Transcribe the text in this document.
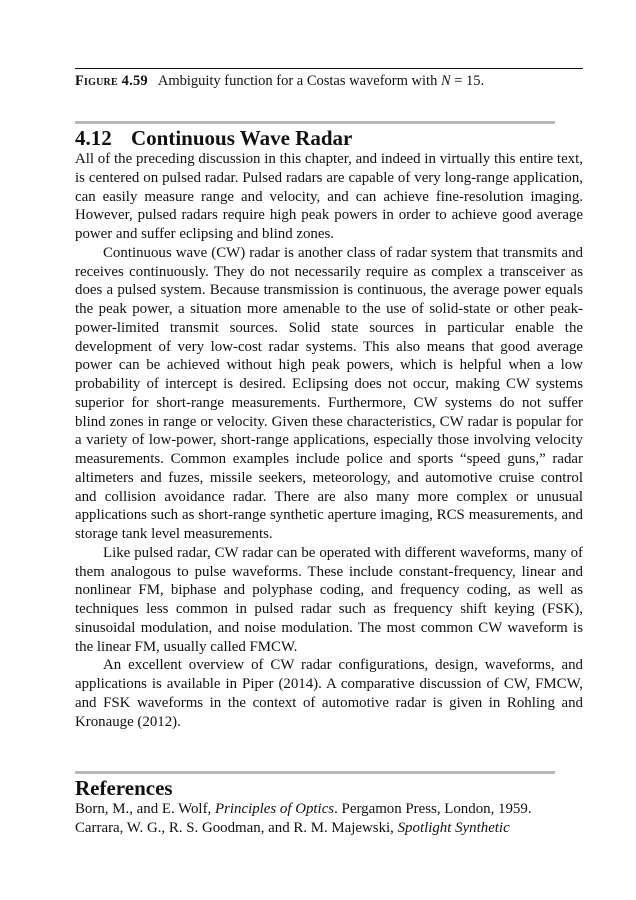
Figure 4.59 Ambiguity function for a Costas waveform with N = 15.
4.12 Continuous Wave Radar

All of the preceding discussion in this chapter, and indeed in virtually this entire text, is centered on pulsed radar. Pulsed radars are capable of very long-range application, can easily measure range and velocity, and can achieve fine-resolution imaging. However, pulsed radars require high peak powers in order to achieve good average power and suffer eclipsing and blind zones.

Continuous wave (CW) radar is another class of radar system that transmits and receives continuously. They do not necessarily require as complex a transceiver as does a pulsed system. Because transmission is continuous, the average power equals the peak power, a situation more amenable to the use of solid-state or other peak-power-limited transmit sources. Solid state sources in particular enable the development of very low-cost radar systems. This also means that good average power can be achieved without high peak powers, which is helpful when a low probability of intercept is desired. Eclipsing does not occur, making CW systems superior for short-range measurements. Furthermore, CW systems do not suffer blind zones in range or velocity. Given these characteristics, CW radar is popular for a variety of low-power, short-range applications, especially those involving velocity measurements. Common examples include police and sports “speed guns,” radar altimeters and fuzes, missile seekers, meteorology, and automotive cruise control and collision avoidance radar. There are also many more complex or unusual applications such as short-range synthetic aperture imaging, RCS measurements, and storage tank level measurements.

Like pulsed radar, CW radar can be operated with different waveforms, many of them analogous to pulse waveforms. These include constant-frequency, linear and nonlinear FM, biphase and polyphase coding, and frequency coding, as well as techniques less common in pulsed radar such as frequency shift keying (FSK), sinusoidal modulation, and noise modulation. The most common CW waveform is the linear FM, usually called FMCW.

An excellent overview of CW radar configurations, design, waveforms, and applications is available in Piper (2014). A comparative discussion of CW, FMCW, and FSK waveforms in the context of automotive radar is given in Rohling and Kronauge (2012).

References

Born, M., and E. Wolf, Principles of Optics. Pergamon Press, London, 1959.

Carrara, W. G., R. S. Goodman, and R. M. Majewski, Spotlight Synthetic
